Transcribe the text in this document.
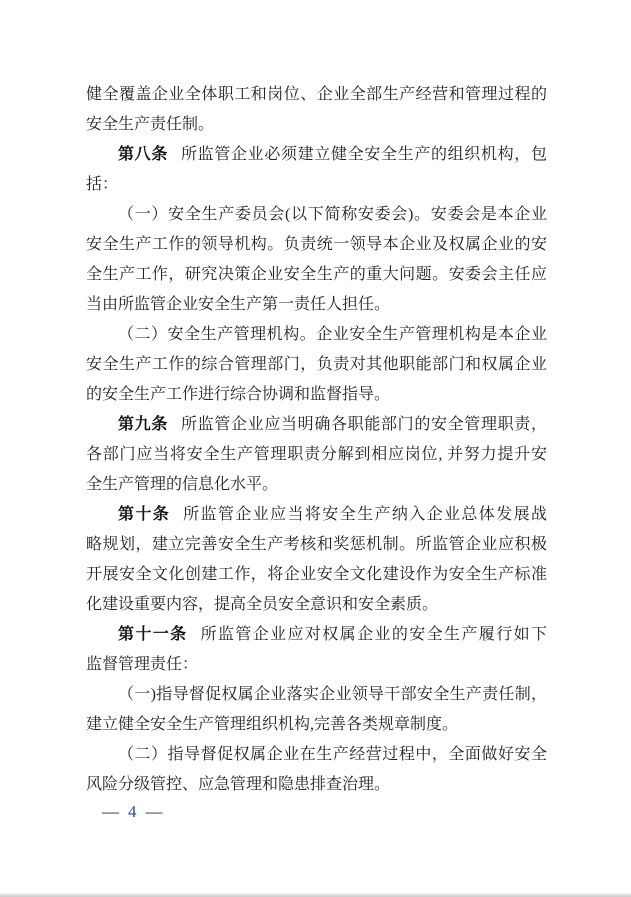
健全覆盖企业全体职工和岗位、企业全部生产经营和管理过程的
安全生产责任制。
第八条 所监管企业必须建立健全安全生产的组织机构，包
括：
（一）安全生产委员会(以下简称安委会)。安委会是本企业
安全生产工作的领导机构。负责统一领导本企业及权属企业的安
全生产工作，研究决策企业安全生产的重大问题。安委会主任应
当由所监管企业安全生产第一责任人担任。
（二）安全生产管理机构。企业安全生产管理机构是本企业
安全生产工作的综合管理部门，负责对其他职能部门和权属企业
的安全生产工作进行综合协调和监督指导。
第九条 所监管企业应当明确各职能部门的安全管理职责，
各部门应当将安全生产管理职责分解到相应岗位, 并努力提升安
全生产管理的信息化水平。
第十条 所监管企业应当将安全生产纳入企业总体发展战
略规划，建立完善安全生产考核和奖惩机制。所监管企业应积极
开展安全文化创建工作，将企业安全文化建设作为安全生产标准
化建设重要内容，提高全员安全意识和安全素质。
第十一条 所监管企业应对权属企业的安全生产履行如下
监督管理责任：
（一)指导督促权属企业落实企业领导干部安全生产责任制，
建立健全安全生产管理组织机构,完善各类规章制度。
（二）指导督促权属企业在生产经营过程中，全面做好安全
风险分级管控、应急管理和隐患排查治理。
— 4 —
